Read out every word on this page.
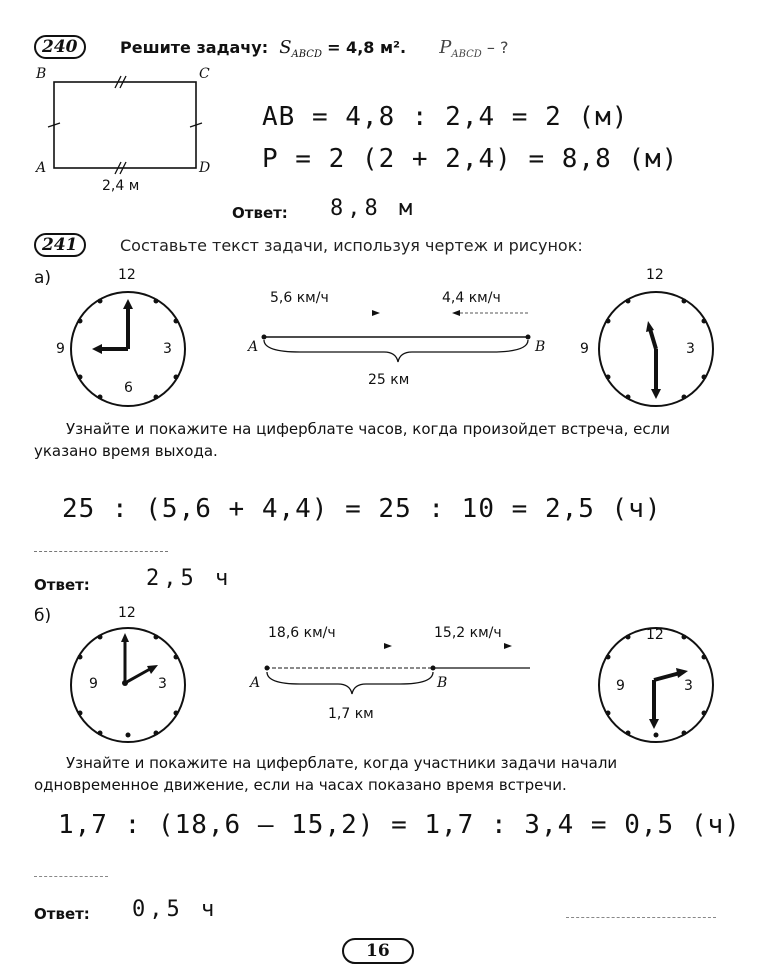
240	Решите задачу: $S_{ABCD} = 4,8$ м². $P_{ABCD}$ – ?
B	C
A	D
2,4 м
AB = 4,8 : 2,4 = 2 (м)
P = 2 (2 + 2,4) = 8,8 (м)
Ответ: 8,8 м
241	Составьте текст задачи, используя чертеж и рисунок:
а)	12
9	3
6
5,6 км/ч	4,4 км/ч
A	B
25 км
12
9	3
Узнайте и покажите на циферблате часов, когда произойдет встреча, если указано время выхода.
25 : (5,6 + 4,4) = 25 : 10 = 2,5 (ч)
Ответ:	2,5 ч
б)	12
9	3
18,6 км/ч	15,2 км/ч
A	B
1,7 км
12
9	3
Узнайте и покажите на циферблате, когда участники задачи начали
одновременное движение, если на часах показано время встречи.
1,7 : (18,6 – 15,2) = 1,7 : 3,4 = 0,5 (ч)
Ответ: 0,5 ч
16
